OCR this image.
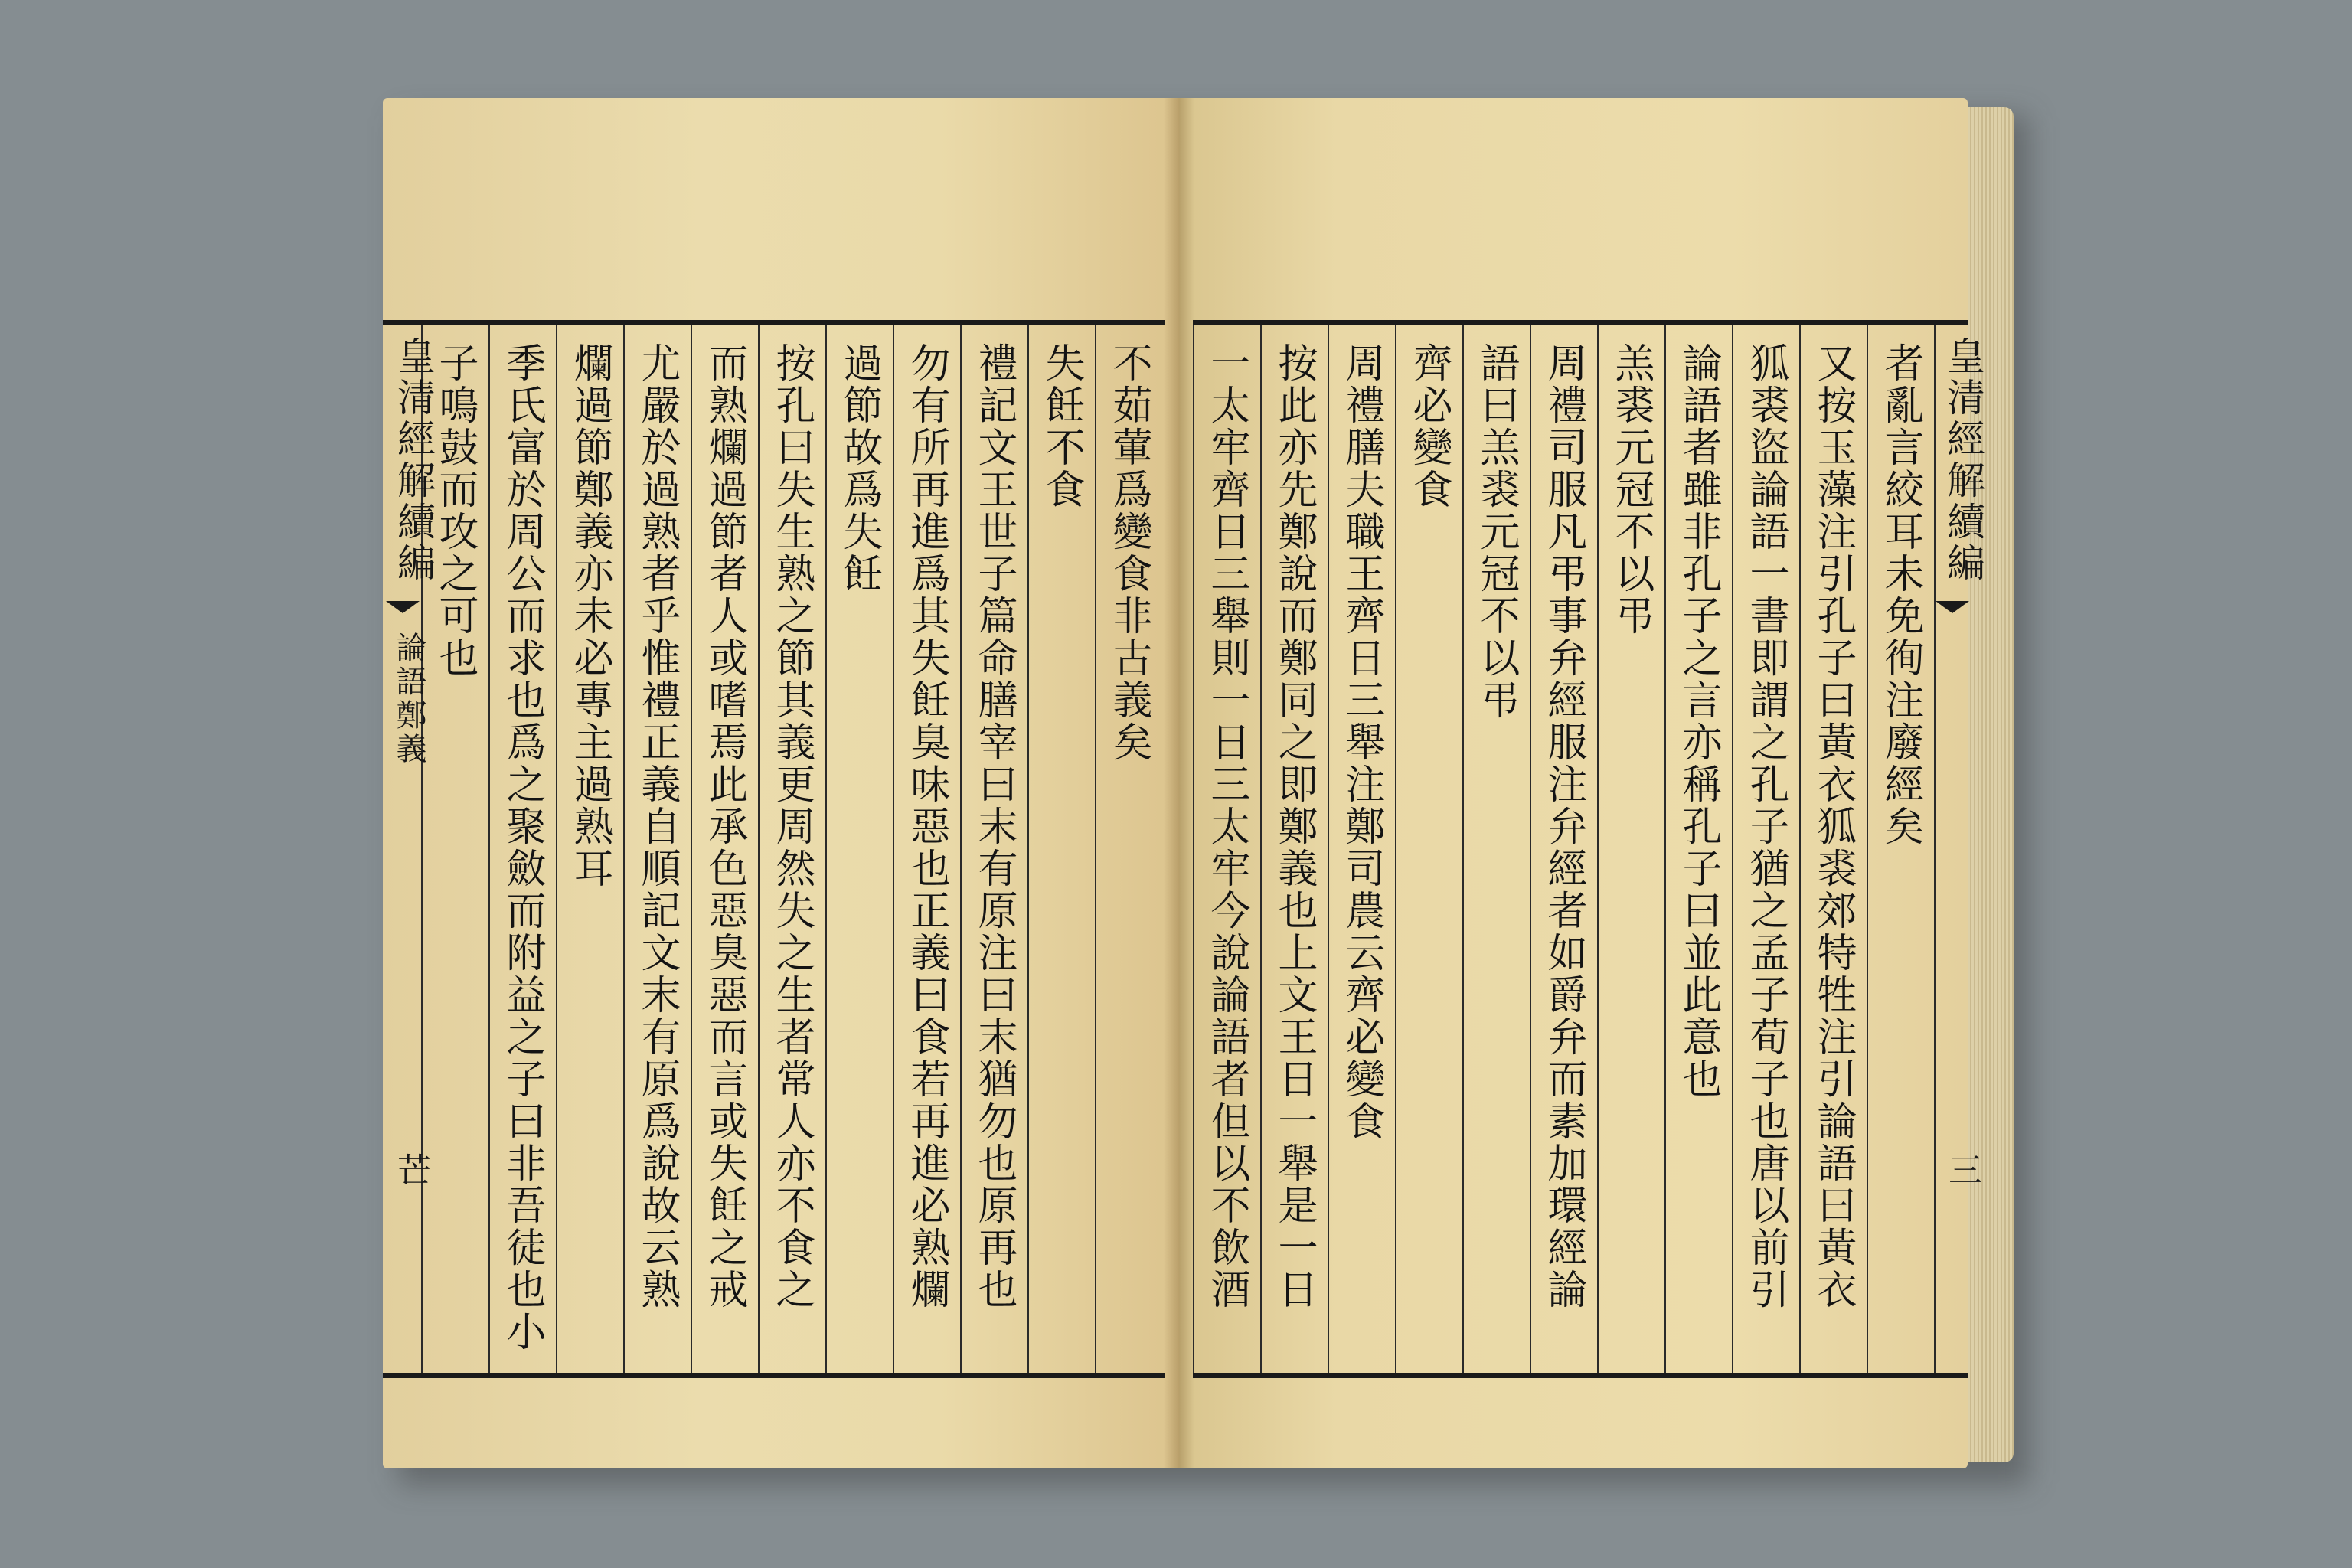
不茹葷爲變食非古義矣
失飪不食
禮記文王世子篇命膳宰曰末有原注曰末猶勿也原再也
勿有所再進爲其失飪臭味惡也正義曰食若再進必熟爛
過節故爲失飪
按孔曰失生熟之節其義更周然失之生者常人亦不食之
而熟爛過節者人或嗜焉此承色惡臭惡而言或失飪之戒
尤嚴於過熟者乎惟禮正義自順記文末有原爲說故云熟
爛過節鄭義亦未必專主過熟耳
季氏富於周公而求也爲之聚斂而附益之子曰非吾徒也小
子鳴鼓而攻之可也
皇清經解續編
論語鄭義
芒
皇清經解續編
三
者亂言絞耳未免徇注廢經矣
又按玉藻注引孔子曰黃衣狐裘郊特牲注引論語曰黃衣
狐裘盜論語一書即謂之孔子猶之孟子荀子也唐以前引
論語者雖非孔子之言亦稱孔子曰並此意也
羔裘元冠不以弔
周禮司服凡弔事弁經服注弁經者如爵弁而素加環經論
語曰羔裘元冠不以弔
齊必變食
周禮膳夫職王齊日三舉注鄭司農云齊必變食
按此亦先鄭說而鄭同之即鄭義也上文王日一舉是一日
一太牢齊日三舉則一日三太牢今說論語者但以不飲酒
